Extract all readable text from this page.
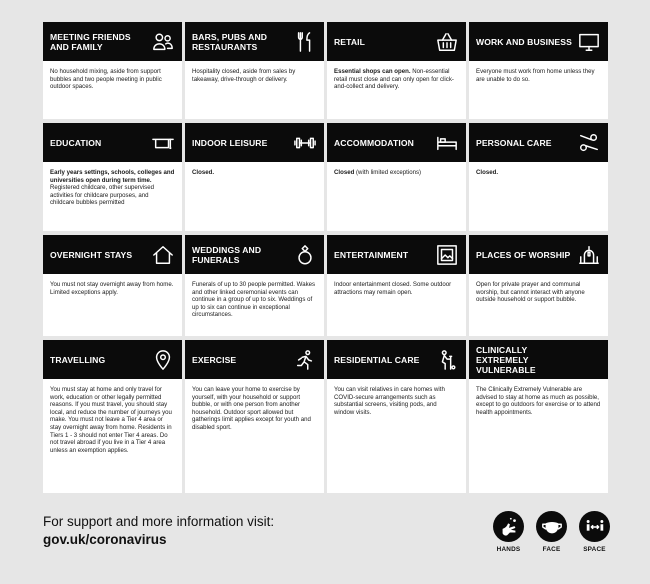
MEETING FRIENDS AND FAMILY
No household mixing, aside from support bubbles and two people meeting in public outdoor spaces.
BARS, PUBS AND RESTAURANTS
Hospitality closed, aside from sales by takeaway, drive-through or delivery.
RETAIL
Essential shops can open. Non-essential retail must close and can only open for click-and-collect and delivery.
WORK AND BUSINESS
Everyone must work from home unless they are unable to do so.
EDUCATION
Early years settings, schools, colleges and universities open during term time. Registered childcare, other supervised activities for childcare purposes, and childcare bubbles permitted
INDOOR LEISURE
Closed.
ACCOMMODATION
Closed (with limited exceptions)
PERSONAL CARE
Closed.
OVERNIGHT STAYS
You must not stay overnight away from home. Limited exceptions apply.
WEDDINGS AND FUNERALS
Funerals of up to 30 people permitted. Wakes and other linked ceremonial events can continue in a group of up to six. Weddings of up to six can continue in exceptional circumstances.
ENTERTAINMENT
Indoor entertainment closed. Some outdoor attractions may remain open.
PLACES OF WORSHIP
Open for private prayer and communal worship, but cannot interact with anyone outside household or support bubble.
TRAVELLING
You must stay at home and only travel for work, education or other legally permitted reasons. If you must travel, you should stay local, and reduce the number of journeys you make. You must not leave a Tier 4 area or stay overnight away from home. Residents in Tiers 1 - 3 should not enter Tier 4 areas. Do not travel abroad if you live in a Tier 4 area unless an exemption applies.
EXERCISE
You can leave your home to exercise by yourself, with your household or support bubble, or with one person from another household. Outdoor sport allowed but gatherings limit applies except for youth and disabled sport.
RESIDENTIAL CARE
You can visit relatives in care homes with COVID-secure arrangements such as substantial screens, visiting pods, and window visits.
CLINICALLY EXTREMELY VULNERABLE
The Clinically Extremely Vulnerable are advised to stay at home as much as possible, except to go outdoors for exercise or to attend health appointments.
For support and more information visit:
gov.uk/coronavirus
HANDS	FACE	SPACE
